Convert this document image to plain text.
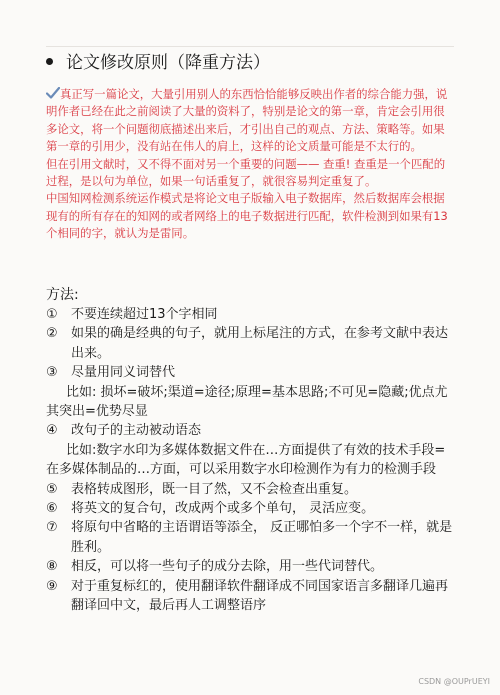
论文修改原则（降重方法）

真正写一篇论文，大量引用别人的东西恰恰能够反映出作者的综合能力强，说明作者已经在此之前阅读了大量的资料了，特别是论文的第一章，肯定会引用很多论文，将一个问题彻底描述出来后，才引出自己的观点、方法、策略等。如果第一章的引用少，没有站在伟人的肩上，这样的论文质量可能是不太行的。

但在引用文献时，又不得不面对另一个重要的问题—— 查重! 查重是一个匹配的过程，是以句为单位，如果一句话重复了，就很容易判定重复了。

中国知网检测系统运作模式是将论文电子版输入电子数据库，然后数据库会根据现有的所有存在的知网的或者网络上的电子数据进行匹配，软件检测到如果有13个相同的字，就认为是雷同。

方法:
①	不要连续超过13个字相同
②	如果的确是经典的句子，就用上标尾注的方式，在参考文献中表达出来。
③	尽量用同义词替代
比如: 损坏=破坏;渠道=途径;原理=基本思路;不可见=隐藏;优点尤其突出=优势尽显
④	改句子的主动被动语态
比如:数字水印为多媒体数据文件在…方面提供了有效的技术手段=在多媒体制品的…方面，可以采用数字水印检测作为有力的检测手段
⑤	表格转成图形，既一目了然，又不会检查出重复。
⑥	将英文的复合句，改成两个或多个单句， 灵活应变。
⑦	将原句中省略的主语谓语等添全， 反正哪怕多一个字不一样，就是胜利。
⑧	相反，可以将一些句子的成分去除，用一些代词替代。
⑨	对于重复标红的，使用翻译软件翻译成不同国家语言多翻译几遍再翻译回中文，最后再人工调整语序
CSDN @OUPrUEYI
